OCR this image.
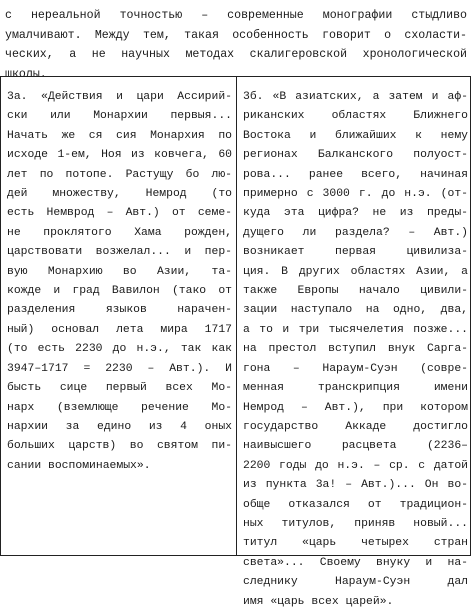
с нереальной точностью – современные монографии стыдливо
умалчивают. Между тем, такая особенность говорит о схоласти-
ческих, а не научных методах скалигеровской хронологической
школы.
3а. «Действия и цари Ассирий-
ски или Монархии первыя...
Начать же ся сия Монархия по
исходе 1-ем, Ноя из ковчега, 60
лет по потопе. Растущу бо лю-
дей множеству, Немрод (то
есть Немврод – Авт.) от семе-
не проклятого Хама рожден,
царствовати возжелал... и пер-
вую Монархию во Азии, та-
кожде и град Вавилон (тако от
разделения языков нарачен-
ный) основал лета мира 1717
(то есть 2230 до н.э., так как
3947–1717 = 2230 – Авт.). И
бысть сице первый всех Мо-
нарх (вземлюще речение Мо-
нархии за едино из 4 оных
больших царств) во святом пи-
сании воспоминаемых».
3б. «В азиатских, а затем и аф-
риканских областях Ближнего
Востока и ближайших к нему
регионах Балканского полуост-
рова... ранее всего, начиная
примерно с 3000 г. до н.э. (от-
куда эта цифра? не из преды-
дущего ли раздела? – Авт.)
возникает первая цивилиза-
ция. В других областях Азии, а
также Европы начало цивили-
зации наступало на одно, два,
а то и три тысячелетия позже...
на престол вступил внук Сарга-
гона – Нараум-Суэн (совре-
менная транскрипция имени
Немрод – Авт.), при котором
государство Аккаде достигло
наивысшего расцвета (2236–
2200 годы до н.э. – ср. с датой
из пункта 3а! – Авт.)... Он во-
обще отказался от традицион-
ных титулов, приняв новый...
титул «царь четырех стран
света»... Своему внуку и на-
следнику Нараум-Суэн дал
имя «царь всех царей».
